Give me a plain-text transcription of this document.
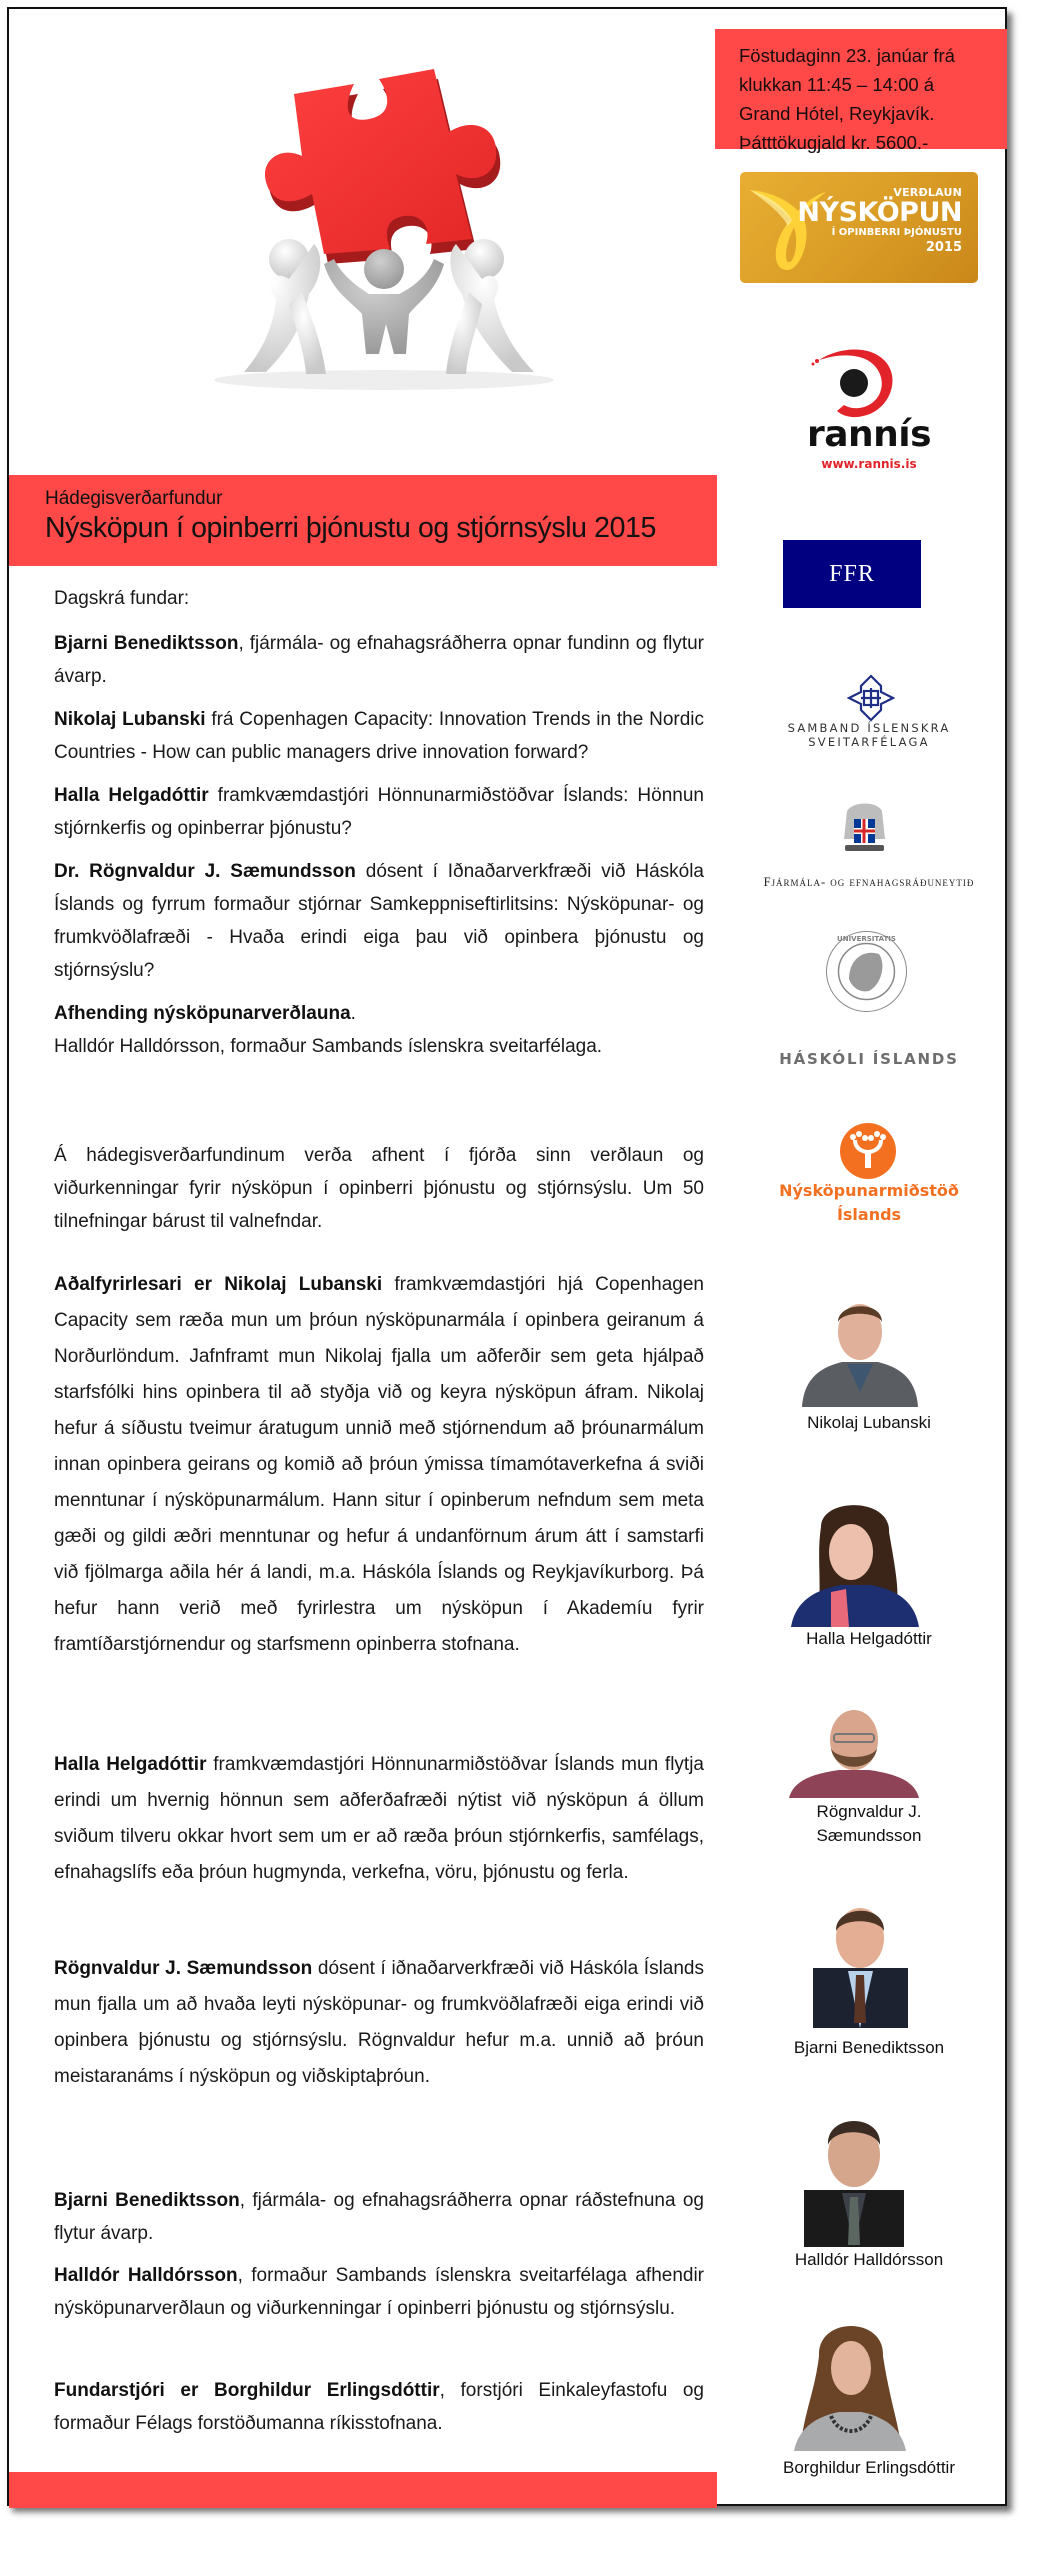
Föstudaginn 23. janúar frá

klukkan 11:45 – 14:00 á

Grand Hótel, Reykjavík.

Þátttökugjald kr. 5600.-

VERÐLAUN
NÝSKÖPUN
Í OPINBERRI ÞJÓNUSTU
2015
rannís
www.rannis.is
Hádegisverðarfundur
Nýsköpun í opinberri þjónustu og stjórnsýslu 2015

Dagskrá fundar:

Bjarni Benediktsson, fjármála- og efnahagsráðherra opnar fundinn og flytur ávarp.

Nikolaj Lubanski frá Copenhagen Capacity: Innovation Trends in the Nordic Countries - How can public managers drive innovation forward?

Halla Helgadóttir framkvæmdastjóri Hönnunarmiðstöðvar Íslands: Hönnun stjórnkerfis og opinberrar þjónustu?

Dr. Rögnvaldur J. Sæmundsson dósent í Iðnaðarverkfræði við Háskóla Íslands og fyrrum formaður stjórnar Samkeppniseftirlitsins: Nýsköpunar- og frumkvöðlafræði - Hvaða erindi eiga þau við opinbera þjónustu og stjórnsýslu?

Afhending nýsköpunarverðlauna.
Halldór Halldórsson, formaður Sambands íslenskra sveitarfélaga.

Á hádegisverðarfundinum verða afhent í fjórða sinn verðlaun og viðurkenningar fyrir nýsköpun í opinberri þjónustu og stjórnsýslu. Um 50 tilnefningar bárust til valnefndar.
Aðalfyrirlesari er Nikolaj Lubanski framkvæmdastjóri hjá Copenhagen Capacity sem ræða mun um þróun nýsköpunarmála í opinbera geiranum á Norðurlöndum. Jafnframt mun Nikolaj fjalla um aðferðir sem geta hjálpað starfsfólki hins opinbera til að styðja við og keyra nýsköpun áfram. Nikolaj hefur á síðustu tveimur áratugum unnið með stjórnendum að þróunarmálum innan opinbera geirans og komið að þróun ýmissa tímamótaverkefna á sviði menntunar í nýsköpunarmálum. Hann situr í opinberum nefndum sem meta gæði og gildi æðri menntunar og hefur á undanförnum árum átt í samstarfi við fjölmarga aðila hér á landi, m.a. Háskóla Íslands og Reykjavíkurborg. Þá hefur hann verið með fyrirlestra um nýsköpun í Akademíu fyrir framtíðarstjórnendur og starfsmenn opinberra stofnana.
Halla Helgadóttir framkvæmdastjóri Hönnunarmiðstöðvar Íslands mun flytja erindi um hvernig hönnun sem aðferðafræði nýtist við nýsköpun á öllum sviðum tilveru okkar hvort sem um er að ræða þróun stjórnkerfis, samfélags, efnahagslífs eða þróun hugmynda, verkefna, vöru, þjónustu og ferla.
Rögnvaldur J. Sæmundsson dósent í iðnaðarverkfræði við Háskóla Íslands mun fjalla um að hvaða leyti nýsköpunar- og frumkvöðlafræði eiga erindi við opinbera þjónustu og stjórnsýslu. Rögnvaldur hefur m.a. unnið að þróun meistaranáms í nýsköpun og viðskiptaþróun.
Bjarni Benediktsson, fjármála- og efnahagsráðherra opnar ráðstefnuna og flytur ávarp.
Halldór Halldórsson, formaður Sambands íslenskra sveitarfélaga afhendir nýsköpunarverðlaun og viðurkenningar í opinberri þjónustu og stjórnsýslu.
Fundarstjóri er Borghildur Erlingsdóttir, forstjóri Einkaleyfastofu og formaður Félags forstöðumanna ríkisstofnana.
FFR
SAMBAND ÍSLENSKRA SVEITARFÉLAGA
Fjármála- og efnahagsráðuneytið
UNIVERSITATIS
HÁSKÓLI ÍSLANDS
Nýsköpunarmiðstöð
Íslands
Nikolaj Lubanski
Halla Helgadóttir
Rögnvaldur J.
Sæmundsson
Bjarni Benediktsson
Halldór Halldórsson
Borghildur Erlingsdóttir
